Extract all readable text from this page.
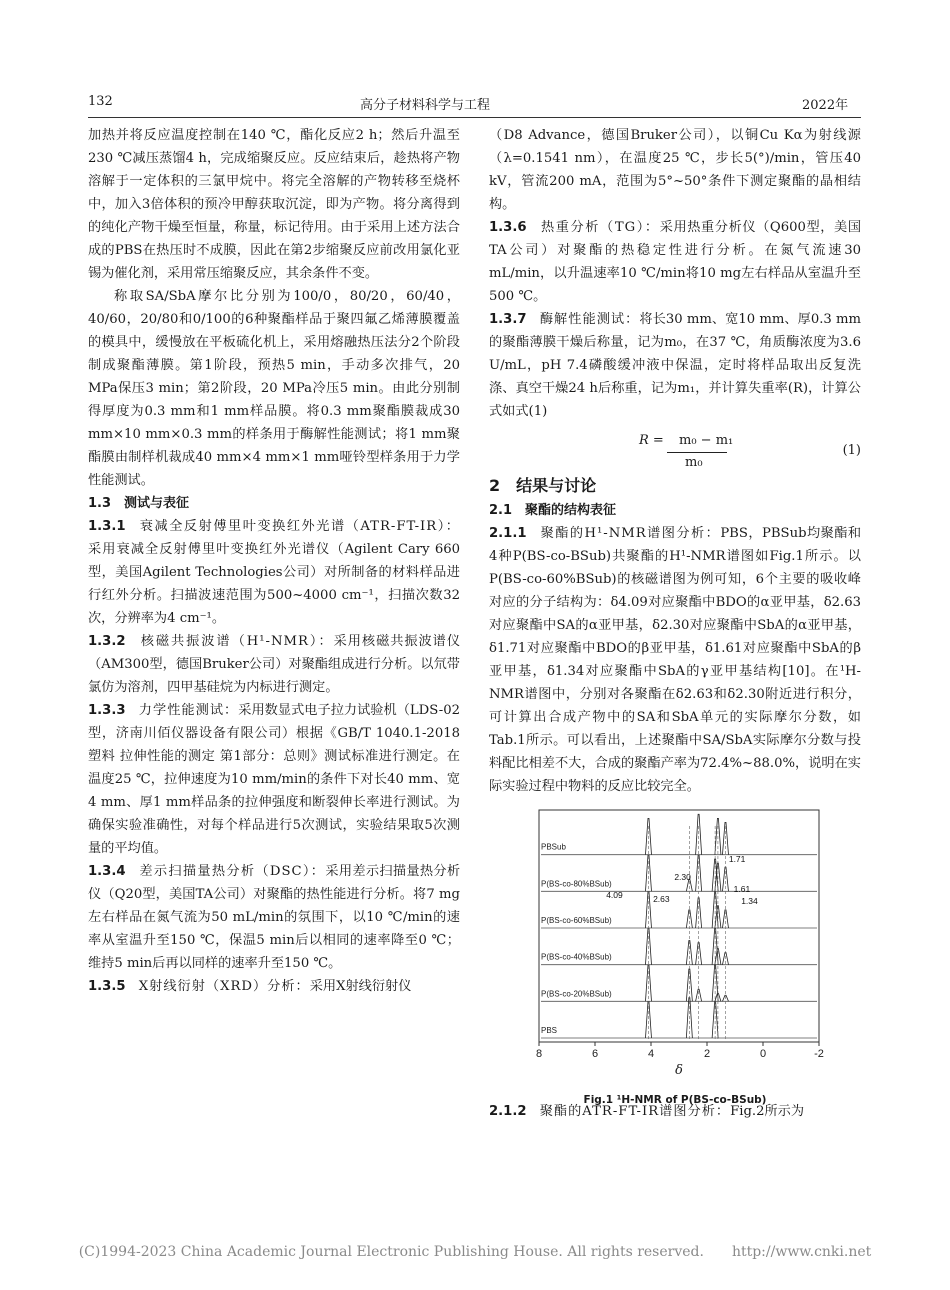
132	高分子材料科学与工程	2022年

加热并将反应温度控制在140 ℃，酯化反应2 h；然后升温至230 ℃减压蒸馏4 h，完成缩聚反应。反应结束后，趁热将产物溶解于一定体积的三氯甲烷中。将完全溶解的产物转移至烧杯中，加入3倍体积的预冷甲醇获取沉淀，即为产物。将分离得到的纯化产物干燥至恒量，称量，标记待用。由于采用上述方法合成的PBS在热压时不成膜，因此在第2步缩聚反应前改用氯化亚锡为催化剂，采用常压缩聚反应，其余条件不变。

称取SA/SbA摩尔比分别为100/0，80/20，60/40，40/60，20/80和0/100的6种聚酯样品于聚四氟乙烯薄膜覆盖的模具中，缓慢放在平板硫化机上，采用熔融热压法分2个阶段制成聚酯薄膜。第1阶段，预热5 min，手动多次排气，20 MPa保压3 min；第2阶段，20 MPa冷压5 min。由此分别制得厚度为0.3 mm和1 mm样品膜。将0.3 mm聚酯膜裁成30 mm×10 mm×0.3 mm的样条用于酶解性能测试；将1 mm聚酯膜由制样机裁成40 mm×4 mm×1 mm哑铃型样条用于力学性能测试。

1.3　测试与表征

1.3.1　 衰减全反射傅里叶变换红外光谱（ATR-FT-IR）：采用衰减全反射傅里叶变换红外光谱仪（Agilent Cary 660型，美国Agilent Technologies公司）对所制备的材料样品进行红外分析。扫描波速范围为500~4000 cm⁻¹，扫描次数32次，分辨率为4 cm⁻¹。

1.3.2　 核磁共振波谱（H¹-NMR）：采用核磁共振波谱仪（AM300型，德国Bruker公司）对聚酯组成进行分析。以氘带氯仿为溶剂，四甲基硅烷为内标进行测定。

1.3.3　 力学性能测试：采用数显式电子拉力试验机（LDS-02型，济南川佰仪器设备有限公司）根据《GB/T 1040.1-2018 塑料 拉伸性能的测定 第1部分：总则》测试标准进行测定。在温度25 ℃，拉伸速度为10 mm/min的条件下对长40 mm、宽4 mm、厚1 mm样品条的拉伸强度和断裂伸长率进行测试。为确保实验准确性，对每个样品进行5次测试，实验结果取5次测量的平均值。

1.3.4　 差示扫描量热分析（DSC）：采用差示扫描量热分析仪（Q20型，美国TA公司）对聚酯的热性能进行分析。将7 mg左右样品在氮气流为50 mL/min的氛围下，以10 ℃/min的速率从室温升至150 ℃，保温5 min后以相同的速率降至0 ℃；维持5 min后再以同样的速率升至150 ℃。

1.3.5　 X射线衍射（XRD）分析：采用X射线衍射仪

（D8 Advance，德国Bruker公司），以铜Cu Kα为射线源（λ=0.1541 nm），在温度25 ℃，步长5(°)/min，管压40 kV，管流200 mA，范围为5°~50°条件下测定聚酯的晶相结构。

1.3.6　 热重分析（TG）：采用热重分析仪（Q600型，美国TA公司）对聚酯的热稳定性进行分析。在氮气流速30 mL/min，以升温速率10 ℃/min将10 mg左右样品从室温升至500 ℃。

1.3.7　 酶解性能测试：将长30 mm、宽10 mm、厚0.3 mm的聚酯薄膜干燥后称量，记为m₀，在37 ℃，角质酶浓度为3.6 U/mL，pH 7.4磷酸缓冲液中保温，定时将样品取出反复洗涤、真空干燥24 h后称重，记为m₁，并计算失重率(R)，计算公式如式(1)

R = m₀ − m₁
m₀
(1)

2　结果与讨论

2.1　聚酯的结构表征

2.1.1　 聚酯的H¹-NMR谱图分析：PBS，PBSub均聚酯和4种P(BS-co-BSub)共聚酯的H¹-NMR谱图如Fig.1所示。以P(BS-co-60%BSub)的核磁谱图为例可知，6个主要的吸收峰对应的分子结构为：δ4.09对应聚酯中BDO的α亚甲基，δ2.63对应聚酯中SA的α亚甲基，δ2.30对应聚酯中SbA的α亚甲基，δ1.71对应聚酯中BDO的β亚甲基，δ1.61对应聚酯中SbA的β亚甲基，δ1.34对应聚酯中SbA的γ亚甲基结构[10]。在¹H-NMR谱图中，分别对各聚酯在δ2.63和δ2.30附近进行积分，可计算出合成产物中的SA和SbA单元的实际摩尔分数，如Tab.1所示。可以看出，上述聚酯中SA/SbA实际摩尔分数与投料配比相差不大，合成的聚酯产率为72.4%~88.0%，说明在实际实验过程中物料的反应比较完全。

PBSub
P(BS-co-80%BSub)
P(BS-co-60%BSub)
P(BS-co-40%BSub)
P(BS-co-20%BSub)
PBS
2.30
1.71
4.09	2.63
1.61
1.34
8	6	4	2	0	-2
δ
Fig.1 ¹H-NMR of P(BS-co-BSub)

2.1.2　 聚酯的ATR-FT-IR谱图分析：Fig.2所示为

(C)1994-2023 China Academic Journal Electronic Publishing House. All rights reserved.　　http://www.cnki.net
